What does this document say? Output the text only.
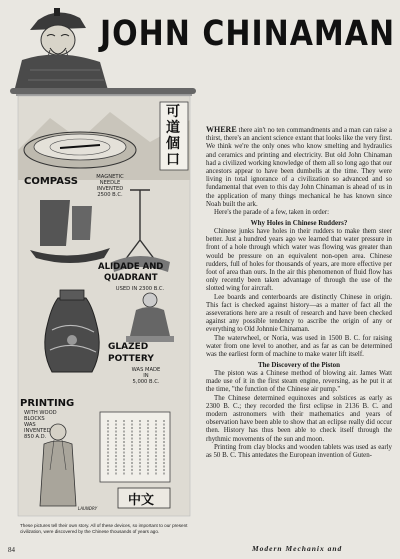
JOHN CHINAMAN
可道個口
COMPASS	MAGNETIC
NEEDLE
INVENTED
2500 B.C.
ALIDADE AND
QUADRANT
USED IN 2300 B.C.
GLAZED
POTTERY
WAS MADE
IN
5,000 B.C.
PRINTING
WITH WOOD
BLOCKS
WAS
INVENTED
850 A.D.
LAUNDRY
中文
These pictures tell their own story. All of these devices, so important to our present civilization, were discovered by the Chinese thousands of years ago.

WHERE there ain't no ten commandments and a man can raise a thirst, there's an ancient science extant that looks like the very first. We think we're the only ones who know smelting and hydraulics and ceramics and printing and electricity. But old John Chinaman had a civilized working knowledge of them all so long ago that our ancestors appear to have been dumbells at the time. They were living in total ignorance of a civilization so advanced and so fundamental that even to this day John Chinaman is ahead of us in the application of many things mechanical he has known since Noah built the ark.

Here's the parade of a few, taken in order:

Why Holes in Chinese Rudders?

Chinese junks have holes in their rudders to make them steer better. Just a hundred years ago we learned that water pressure in front of a hole through which water was flowing was greater than would be pressure on an equivalent non-open area. Chinese rudders, full of holes for thousands of years, are more effective per foot of area than ours. In the air this phenomenon of fluid flow has only recently been taken advantage of through the use of the slotted wing for aircraft.

Lee boards and centerboards are distinctly Chinese in origin. This fact is checked against history—as a matter of fact all the asseverations here are a result of research and have been checked against any possible tendency to ascribe the origin of any or everything to Old Johnnie Chinaman.

The waterwheel, or Noria, was used in 1500 B. C. for raising water from one level to another, and as far as can be determined was the earliest form of machine to make water lift itself.

The Discovery of the Piston

The piston was a Chinese method of blowing air. James Watt made use of it in the first steam engine, reversing, as he put it at the time, "the function of the Chinese air pump."

The Chinese determined equinoxes and solstices as early as 2300 B. C.; they recorded the first eclipse in 2136 B. C. and modern astronomers with their mathematics and years of observation have been able to show that an eclipse really did occur then. History has thus been able to check itself through the rhythmic movements of the sun and moon.

Printing from clay blocks and wooden tablets was used as early as 50 B. C. This antedates the European invention of Guten-

84	Modern Mechanix and
